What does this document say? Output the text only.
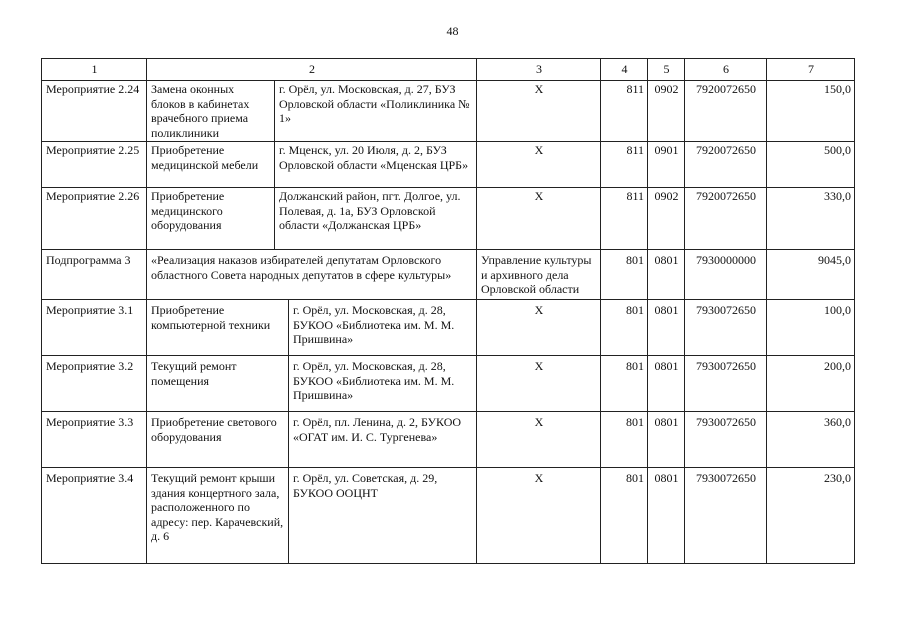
48
1	2			3	4	5	6	7
Мероприятие 2.24	Замена оконных блоков в кабинетах врачебного приема поликлиники	г. Орёл, ул. Московская, д. 27, БУЗ Орловской области «Поликлиника № 1»		Х	811	0902	7920072650	150,0
Мероприятие 2.25	Приобретение медицинской мебели	г. Мценск, ул. 20 Июля, д. 2, БУЗ Орловской области «Мценская ЦРБ»		Х	811	0901	7920072650	500,0
Мероприятие 2.26	Приобретение медицинского оборудования	Должанский район, пгт. Долгое, ул. Полевая, д. 1а, БУЗ Орловской области «Должанская ЦРБ»		Х	811	0902	7920072650	330,0
Подпрограмма 3	«Реализация наказов избирателей депутатам Орловского областного Совета народных депутатов в сфере культуры»			Управление культуры и архивного дела Орловской области	801	0801	7930000000	9045,0
Мероприятие 3.1	Приобретение компьютерной техники		г. Орёл, ул. Московская, д. 28, БУКОО «Библиотека им. М. М. Пришвина»	Х	801	0801	7930072650	100,0
Мероприятие 3.2	Текущий ремонт помещения		г. Орёл, ул. Московская, д. 28, БУКОО «Библиотека им. М. М. Пришвина»	Х	801	0801	7930072650	200,0
Мероприятие 3.3	Приобретение светового оборудования		г. Орёл, пл. Ленина, д. 2, БУКОО «ОГАТ им. И. С. Тургенева»	Х	801	0801	7930072650	360,0
Мероприятие 3.4	Текущий ремонт крыши здания концертного зала, расположенного по адресу: пер. Карачевский, д. 6		г. Орёл, ул. Советская, д. 29, БУКОО ООЦНТ	Х	801	0801	7930072650	230,0
